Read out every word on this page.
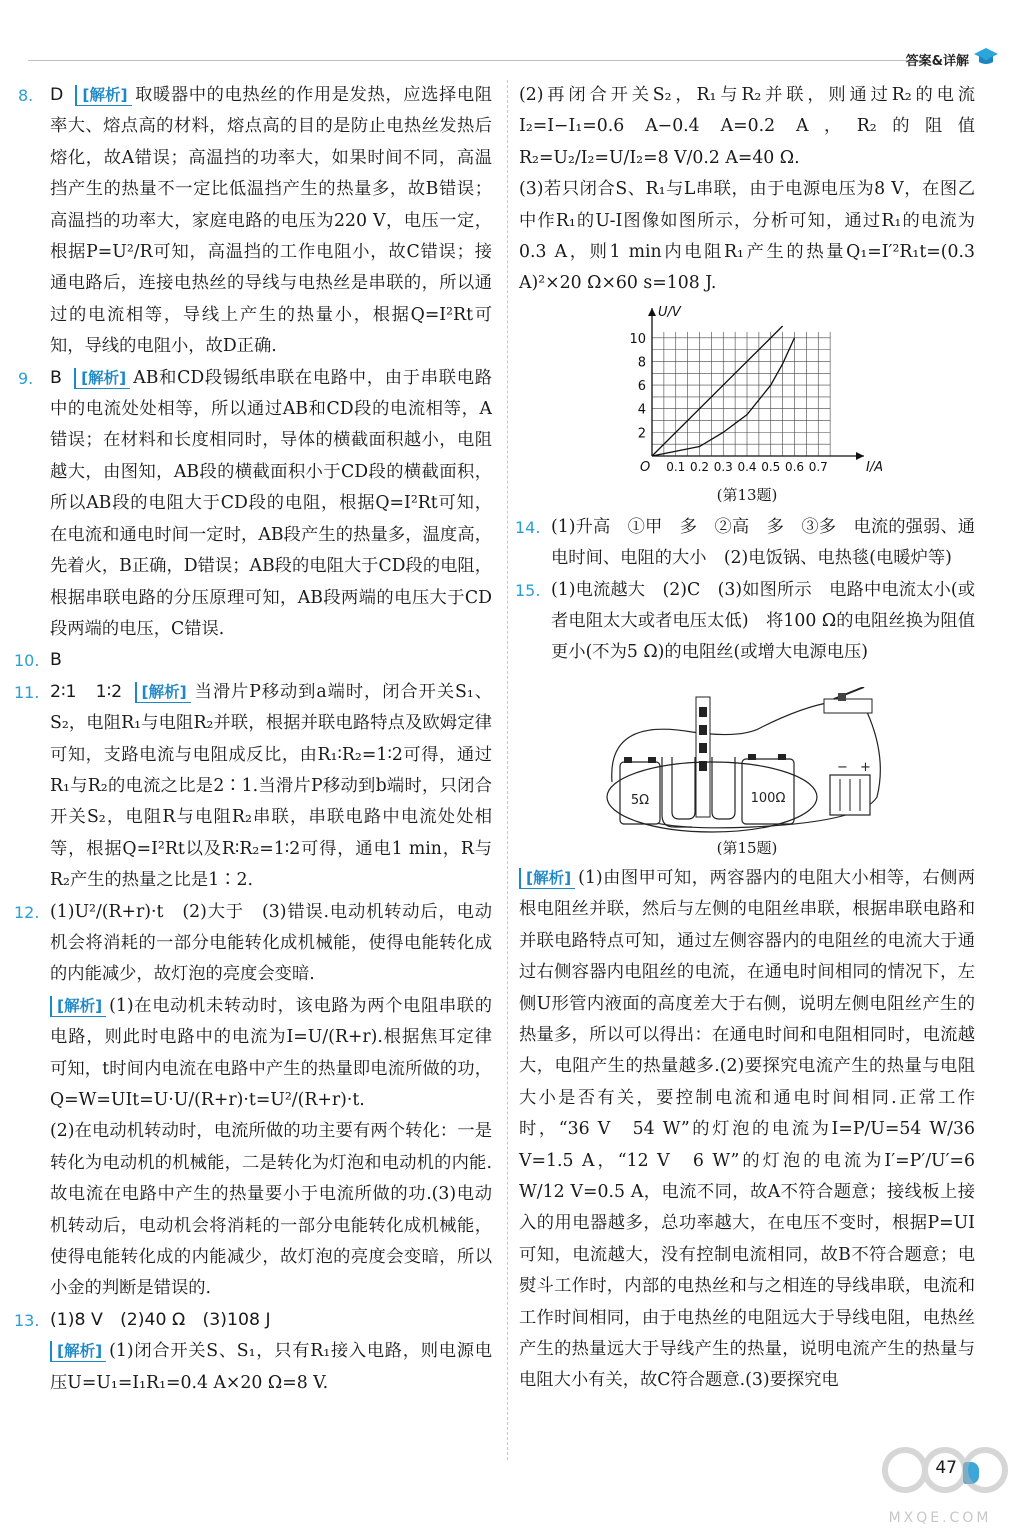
答案&详解
8. D [解析] 取暖器中的电热丝的作用是发热，应选择电阻率大、熔点高的材料，熔点高的目的是防止电热丝发热后熔化，故A错误；高温挡的功率大，如果时间不同，高温挡产生的热量不一定比低温挡产生的热量多，故B错误；高温挡的功率大，家庭电路的电压为220 V，电压一定，根据P=U²/R可知，高温挡的工作电阻小，故C错误；接通电路后，连接电热丝的导线与电热丝是串联的，所以通过的电流相等，导线上产生的热量小，根据Q=I²Rt可知，导线的电阻小，故D正确.
9. B [解析] AB和CD段锡纸串联在电路中，由于串联电路中的电流处处相等，所以通过AB和CD段的电流相等，A错误；在材料和长度相同时，导体的横截面积越小，电阻越大，由图知，AB段的横截面积小于CD段的横截面积，所以AB段的电阻大于CD段的电阻，根据Q=I²Rt可知，在电流和通电时间一定时，AB段产生的热量多，温度高，先着火，B正确，D错误；AB段的电阻大于CD段的电阻，根据串联电路的分压原理可知，AB段两端的电压大于CD段两端的电压，C错误.
10. B
11. 2∶1　1∶2 [解析] 当滑片P移动到a端时，闭合开关S₁、S₂，电阻R₁与电阻R₂并联，根据并联电路特点及欧姆定律可知，支路电流与电阻成反比，由R₁∶R₂=1∶2可得，通过R₁与R₂的电流之比是2∶1.当滑片P移动到b端时，只闭合开关S₂，电阻R与电阻R₂串联，串联电路中电流处处相等，根据Q=I²Rt以及R∶R₂=1∶2可得，通电1 min，R与R₂产生的热量之比是1∶2.
12. (1)U²/(R+r)·t　(2)大于　(3)错误.电动机转动后，电动机会将消耗的一部分电能转化成机械能，使得电能转化成的内能减少，故灯泡的亮度会变暗.
[解析] (1)在电动机未转动时，该电路为两个电阻串联的电路，则此时电路中的电流为I=U/(R+r).根据焦耳定律可知，t时间内电流在电路中产生的热量即电流所做的功，Q=W=UIt=U·U/(R+r)·t=U²/(R+r)·t.
(2)在电动机转动时，电流所做的功主要有两个转化：一是转化为电动机的机械能，二是转化为灯泡和电动机的内能.故电流在电路中产生的热量要小于电流所做的功.(3)电动机转动后，电动机会将消耗的一部分电能转化成机械能，使得电能转化成的内能减少，故灯泡的亮度会变暗，所以小金的判断是错误的.
13. (1)8 V　(2)40 Ω　(3)108 J
[解析] (1)闭合开关S、S₁，只有R₁接入电路，则电源电压U=U₁=I₁R₁=0.4 A×20 Ω=8 V.
(2)再闭合开关S₂，R₁与R₂并联，则通过R₂的电流I₂=I−I₁=0.6 A−0.4 A=0.2 A，R₂的阻值R₂=U₂/I₂=U/I₂=8 V/0.2 A=40 Ω.
(3)若只闭合S、R₁与L串联，由于电源电压为8 V，在图乙中作R₁的U-I图像如图所示，分析可知，通过R₁的电流为0.3 A，则1 min内电阻R₁产生的热量Q₁=I′²R₁t=(0.3 A)²×20 Ω×60 s=108 J.
2
4
6
8
10
0.1 0.2 0.3 0.4 0.5 0.6 0.7
O
U/V
I/A
(第13题)
14. (1)升高　①甲　多　②高　多　③多　电流的强弱、通电时间、电阻的大小　(2)电饭锅、电热毯(电暖炉等)
15. (1)电流越大　(2)C　(3)如图所示　电路中电流太小(或者电阻太大或者电压太低)　将100 Ω的电阻丝换为阻值更小(不为5 Ω)的电阻丝(或增大电源电压)
5Ω	100Ω
− +
(第15题)
[解析] (1)由图甲可知，两容器内的电阻大小相等，右侧两根电阻丝并联，然后与左侧的电阻丝串联，根据串联电路和并联电路特点可知，通过左侧容器内的电阻丝的电流大于通过右侧容器内电阻丝的电流，在通电时间相同的情况下，左侧U形管内液面的高度差大于右侧，说明左侧电阻丝产生的热量多，所以可以得出：在通电时间和电阻相同时，电流越大，电阻产生的热量越多.(2)要探究电流产生的热量与电阻大小是否有关，要控制电流和通电时间相同.正常工作时，“36 V　54 W”的灯泡的电流为I=P/U=54 W/36 V=1.5 A，“12 V　6 W”的灯泡的电流为I′=P′/U′=6 W/12 V=0.5 A，电流不同，故A不符合题意；接线板上接入的用电器越多，总功率越大，在电压不变时，根据P=UI可知，电流越大，没有控制电流相同，故B不符合题意；电熨斗工作时，内部的电热丝和与之相连的导线串联，电流和工作时间相同，由于电热丝的电阻远大于导线电阻，电热丝产生的热量远大于导线产生的热量，说明电流产生的热量与电阻大小有关，故C符合题意.(3)要探究电
47
MXQE.COM
